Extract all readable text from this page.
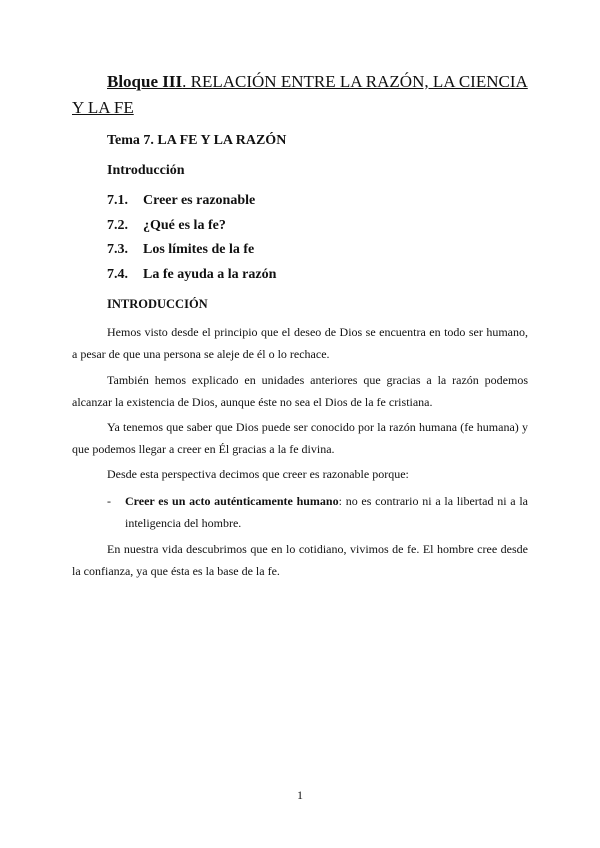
Bloque III. RELACIÓN ENTRE LA RAZÓN, LA CIENCIA Y LA FE
Tema 7. LA FE Y LA RAZÓN
Introducción
7.1.	Creer es razonable
7.2.	¿Qué es la fe?
7.3.	Los límites de la fe
7.4.	La fe ayuda a la razón
INTRODUCCIÓN

Hemos visto desde el principio que el deseo de Dios se encuentra en todo ser humano, a pesar de que una persona se aleje de él o lo rechace.

También hemos explicado en unidades anteriores que gracias a la razón podemos alcanzar la existencia de Dios, aunque éste no sea el Dios de la fe cristiana.

Ya tenemos que saber que Dios puede ser conocido por la razón humana (fe humana) y que podemos llegar a creer en Él gracias a la fe divina.

Desde esta perspectiva decimos que creer es razonable porque:

-	Creer es un acto auténticamente humano: no es contrario ni a la libertad ni a la inteligencia del hombre.

En nuestra vida descubrimos que en lo cotidiano, vivimos de fe. El hombre cree desde la confianza, ya que ésta es la base de la fe.

1
